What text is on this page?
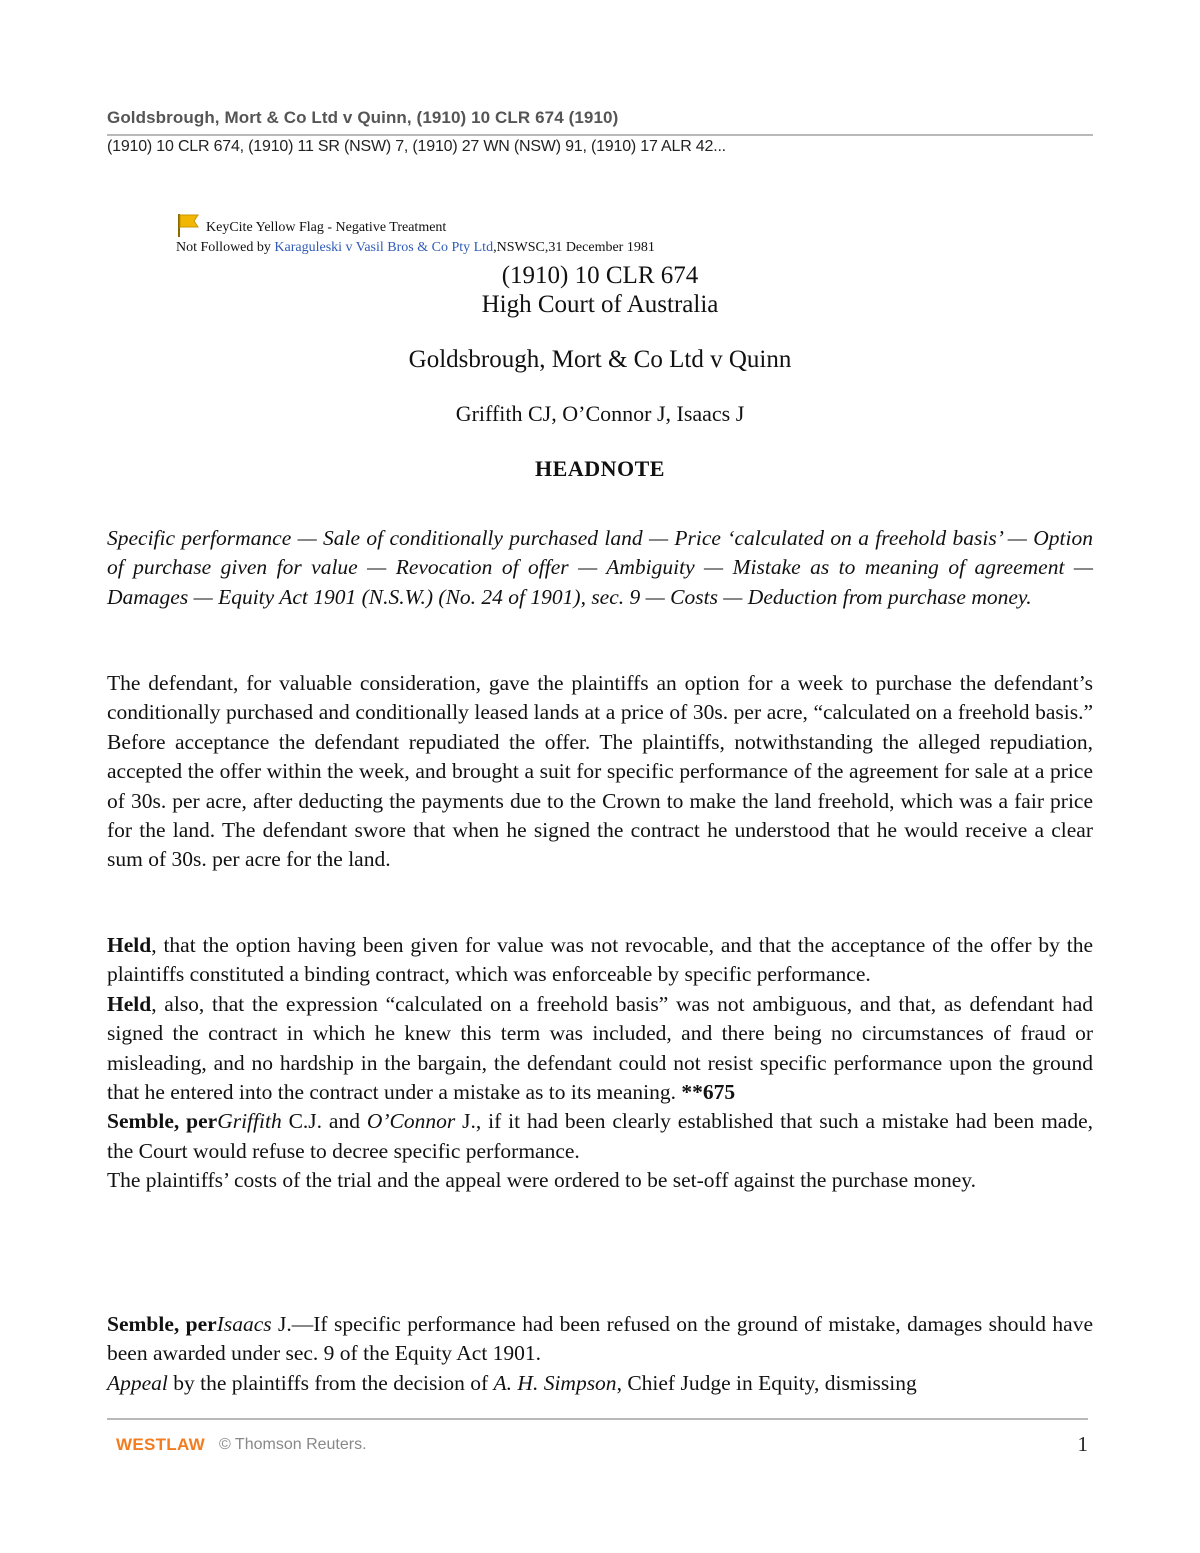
Goldsbrough, Mort & Co Ltd v Quinn, (1910) 10 CLR 674 (1910)
(1910) 10 CLR 674, (1910) 11 SR (NSW) 7, (1910) 27 WN (NSW) 91, (1910) 17 ALR 42...
KeyCite Yellow Flag - Negative Treatment
Not Followed by Karaguleski v Vasil Bros & Co Pty Ltd,NSWSC,31 December 1981
(1910) 10 CLR 674
High Court of Australia
Goldsbrough, Mort & Co Ltd v Quinn
Griffith CJ, O’Connor J, Isaacs J
HEADNOTE

Specific performance — Sale of conditionally purchased land — Price ‘calculated on a freehold basis’ — Option of purchase given for value — Revocation of offer — Ambiguity — Mistake as to meaning of agreement — Damages — Equity Act 1901 (N.S.W.) (No. 24 of 1901), sec. 9 — Costs — Deduction from purchase money.

The defendant, for valuable consideration, gave the plaintiffs an option for a week to purchase the defendant’s conditionally purchased and conditionally leased lands at a price of 30s. per acre, “calculated on a freehold basis.” Before acceptance the defendant repudiated the offer. The plaintiffs, notwithstanding the alleged repudiation, accepted the offer within the week, and brought a suit for specific performance of the agreement for sale at a price of 30s. per acre, after deducting the payments due to the Crown to make the land freehold, which was a fair price for the land. The defendant swore that when he signed the contract he understood that he would receive a clear sum of 30s. per acre for the land.

Held, that the option having been given for value was not revocable, and that the acceptance of the offer by the plaintiffs constituted a binding contract, which was enforceable by specific performance.

Held, also, that the expression “calculated on a freehold basis” was not ambiguous, and that, as defendant had signed the contract in which he knew this term was included, and there being no circumstances of fraud or misleading, and no hardship in the bargain, the defendant could not resist specific performance upon the ground that he entered into the contract under a mistake as to its meaning. **675

Semble, perGriffith C.J. and O’Connor J., if it had been clearly established that such a mistake had been made, the Court would refuse to decree specific performance.

The plaintiffs’ costs of the trial and the appeal were ordered to be set-off against the purchase money.

Semble, perIsaacs J.—If specific performance had been refused on the ground of mistake, damages should have been awarded under sec. 9 of the Equity Act 1901.

Appeal by the plaintiffs from the decision of A. H. Simpson, Chief Judge in Equity, dismissing

WESTLAW © Thomson Reuters.	1
